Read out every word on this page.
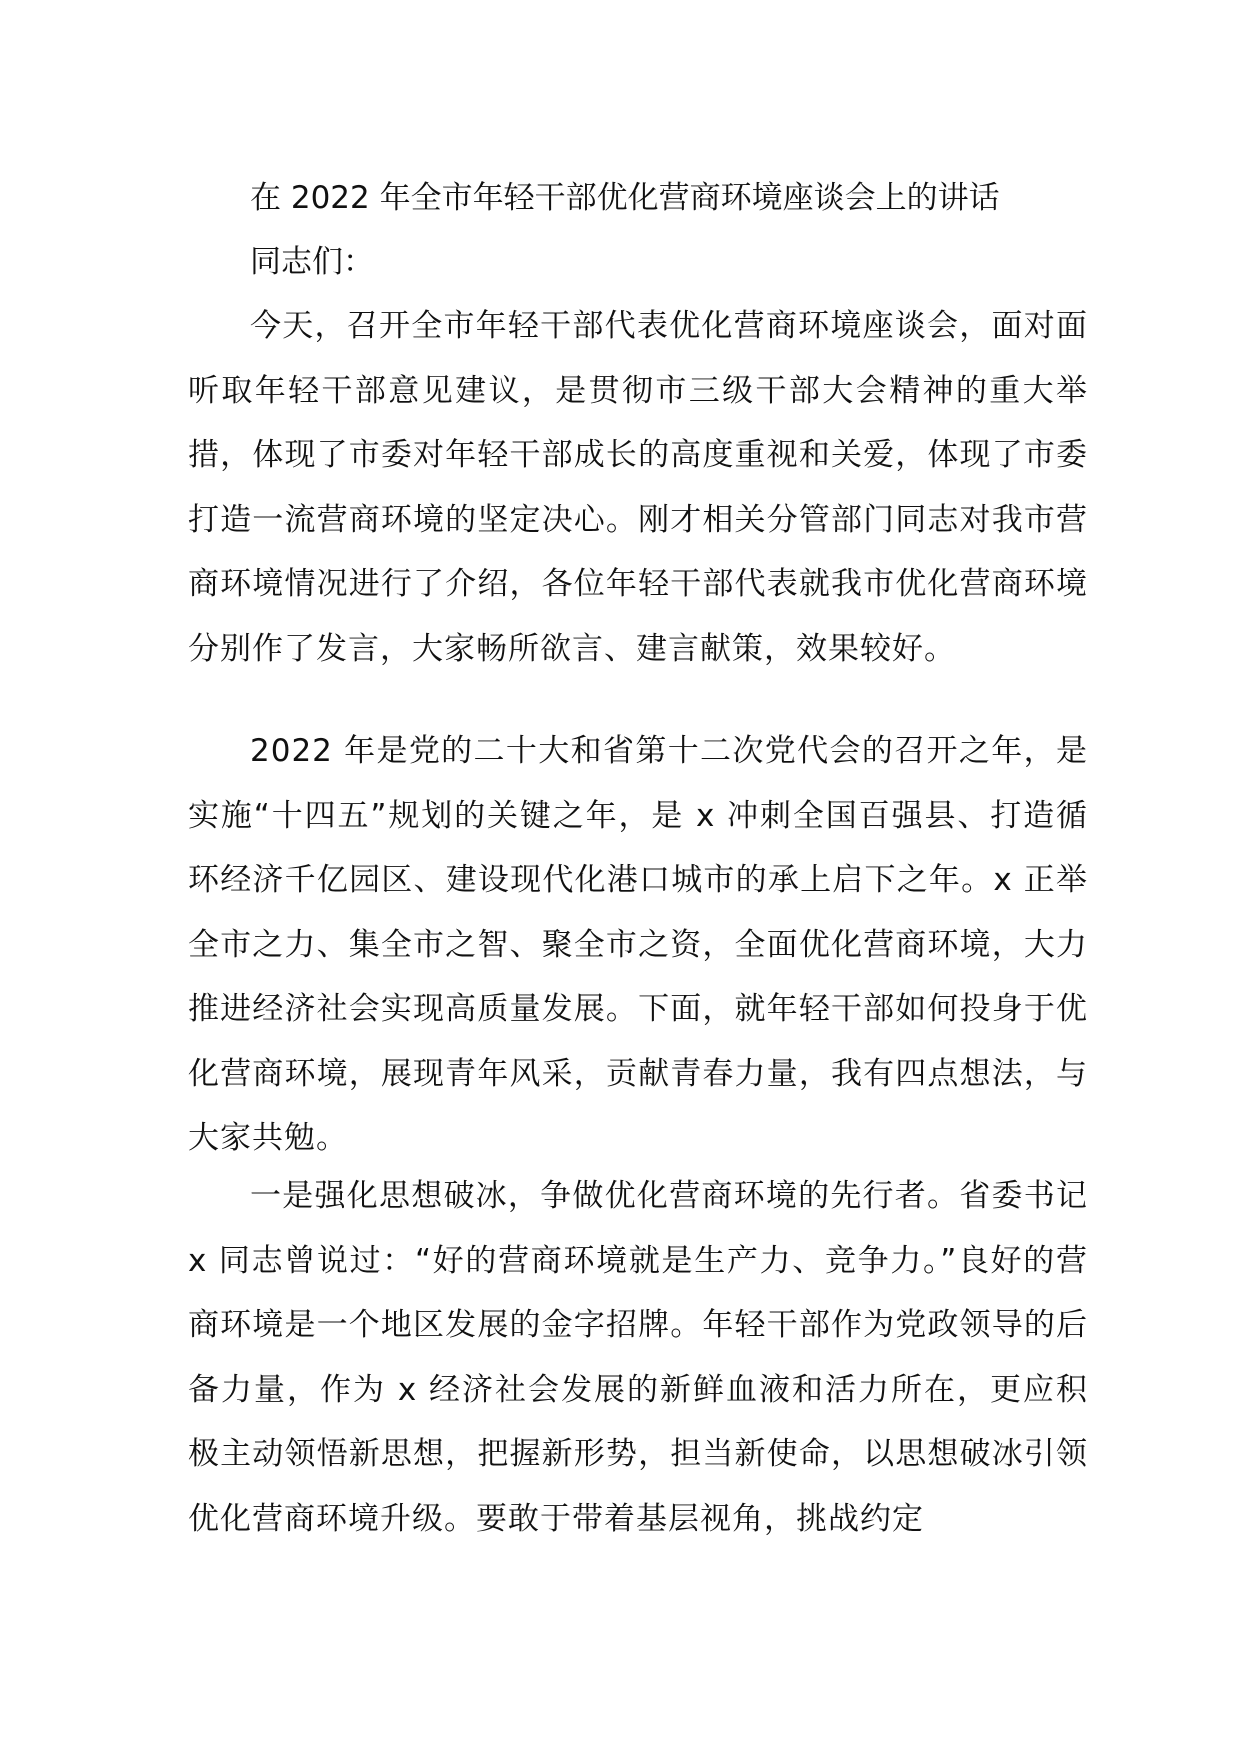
在 2022 年全市年轻干部优化营商环境座谈会上的讲话
同志们：

今天，召开全市年轻干部代表优化营商环境座谈会，面对面听取年轻干部意见建议，是贯彻市三级干部大会精神的重大举措，体现了市委对年轻干部成长的高度重视和关爱，体现了市委打造一流营商环境的坚定决心。刚才相关分管部门同志对我市营商环境情况进行了介绍，各位年轻干部代表就我市优化营商环境分别作了发言，大家畅所欲言、建言献策，效果较好。

2022 年是党的二十大和省第十二次党代会的召开之年，是实施“十四五”规划的关键之年，是 x 冲刺全国百强县、打造循环经济千亿园区、建设现代化港口城市的承上启下之年。x 正举全市之力、集全市之智、聚全市之资，全面优化营商环境，大力推进经济社会实现高质量发展。下面，就年轻干部如何投身于优化营商环境，展现青年风采，贡献青春力量，我有四点想法，与大家共勉。

一是强化思想破冰，争做优化营商环境的先行者。省委书记 x 同志曾说过：“好的营商环境就是生产力、竞争力。”良好的营商环境是一个地区发展的金字招牌。年轻干部作为党政领导的后备力量，作为 x 经济社会发展的新鲜血液和活力所在，更应积极主动领悟新思想，把握新形势，担当新使命，以思想破冰引领优化营商环境升级。要敢于带着基层视角，挑战约定
